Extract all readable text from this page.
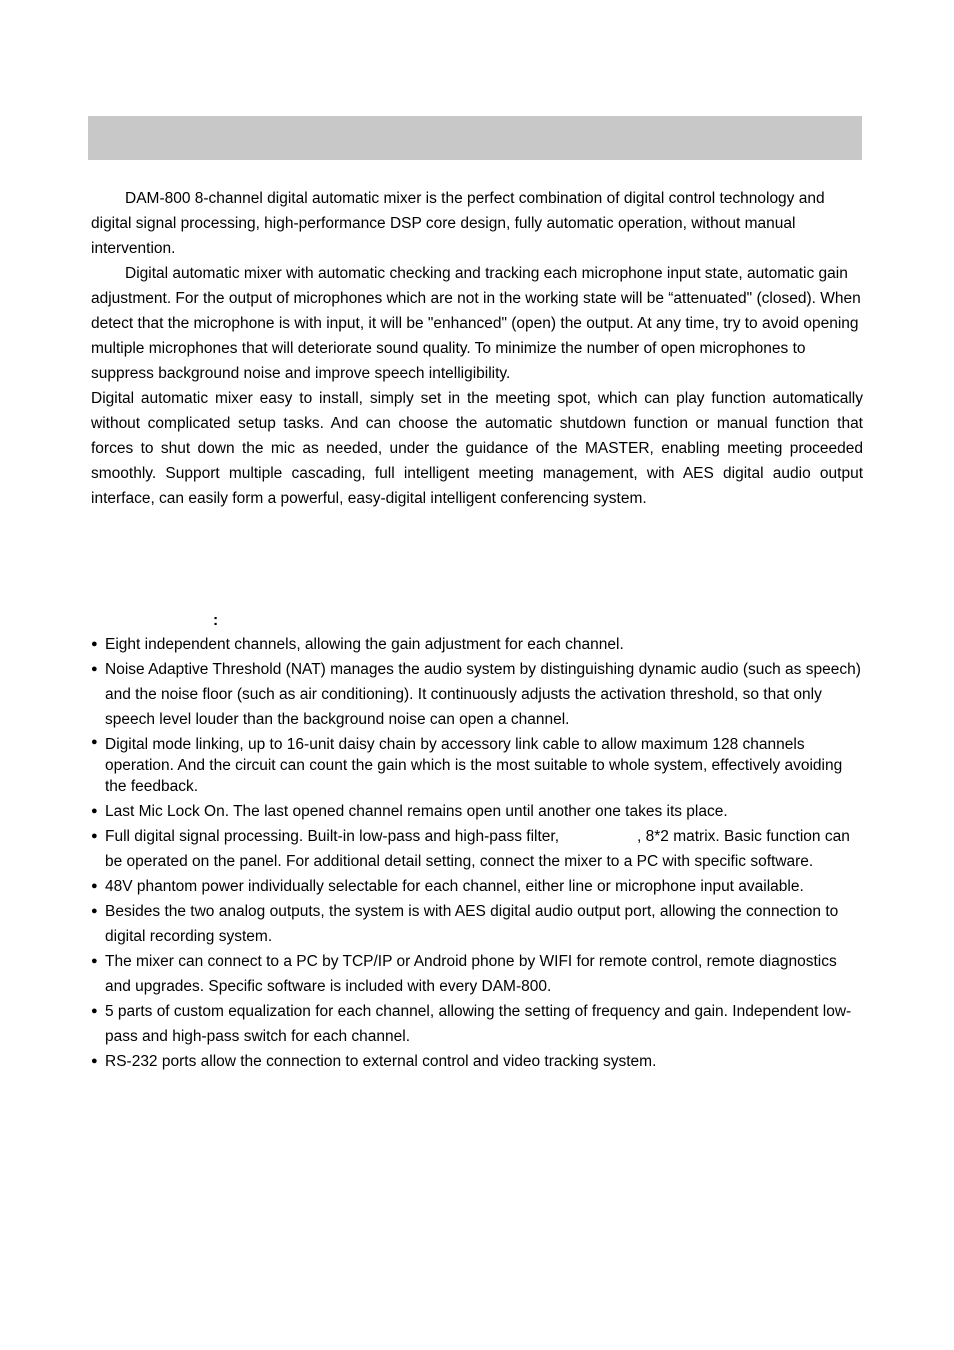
DAM-800 8-channel digital automatic mixer is the perfect combination of digital control technology and digital signal processing, high-performance DSP core design, fully automatic operation, without manual intervention.

Digital automatic mixer with automatic checking and tracking each microphone input state, automatic gain adjustment. For the output of microphones which are not in the working state will be “attenuated" (closed). When detect that the microphone is with input, it will be "enhanced" (open) the output. At any time, try to avoid opening multiple microphones that will deteriorate sound quality. To minimize the number of open microphones to suppress background noise and improve speech intelligibility.

Digital automatic mixer easy to install, simply set in the meeting spot, which can play function automatically without complicated setup tasks. And can choose the automatic shutdown function or manual function that forces to shut down the mic as needed, under the guidance of the MASTER, enabling meeting proceeded smoothly. Support multiple cascading, full intelligent meeting management, with AES digital audio output interface, can easily form a powerful, easy-digital intelligent conferencing system.

:
● Eight independent channels, allowing the gain adjustment for each channel.
● Noise Adaptive Threshold (NAT) manages the audio system by distinguishing dynamic audio (such as speech) and the noise floor (such as air conditioning). It continuously adjusts the activation threshold, so that only speech level louder than the background noise can open a channel.
● Digital mode linking, up to 16-unit daisy chain by accessory link cable to allow maximum 128 channels operation. And the circuit can count the gain which is the most suitable to whole system, effectively avoiding the feedback.
● Last Mic Lock On. The last opened channel remains open until another one takes its place.
● Full digital signal processing. Built-in low-pass and high-pass filter,	, 8*2 matrix. Basic function can be operated on the panel. For additional detail setting, connect the mixer to a PC with specific software.
● 48V phantom power individually selectable for each channel, either line or microphone input available.
● Besides the two analog outputs, the system is with AES digital audio output port, allowing the connection to digital recording system.
● The mixer can connect to a PC by TCP/IP or Android phone by WIFI for remote control, remote diagnostics and upgrades. Specific software is included with every DAM-800.
● 5 parts of custom equalization for each channel, allowing the setting of frequency and gain. Independent low-pass and high-pass switch for each channel.
● RS-232 ports allow the connection to external control and video tracking system.
